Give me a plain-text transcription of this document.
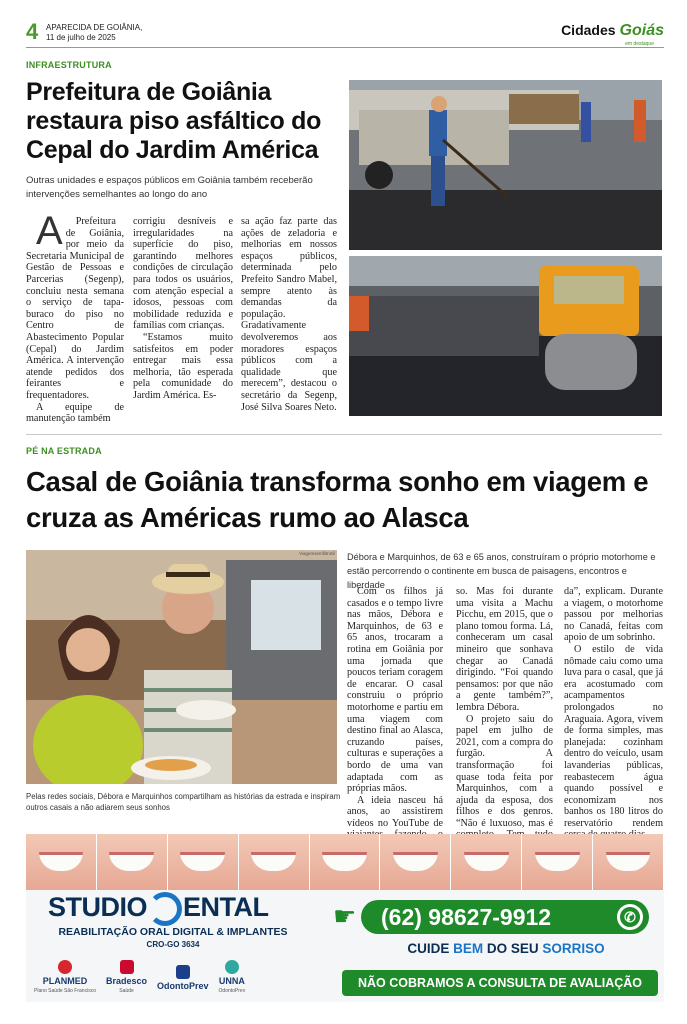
4 APARECIDA DE GOIÂNIA,
11 de julho de 2025	Cidades Goiás
em destaque
INFRAESTRUTURA
Prefeitura de Goiânia restaura piso asfáltico do Cepal do Jardim América
Outras unidades e espaços públicos em Goiânia também receberão intervenções semelhantes ao longo do ano

APrefeitura de Goiânia, por meio da Secretaria Municipal de Gestão de Pessoas e Parcerias (Segenp), concluiu nesta semana o serviço de tapa-buraco do piso no Centro de Abastecimento Popular (Cepal) do Jardim América. A intervenção atende pedidos dos feirantes e frequentadores.

A equipe de manutenção também

corrigiu desníveis e irregularidades na superfície do piso, garantindo melhores condições de circulação para todos os usuários, com atenção especial a idosos, pessoas com mobilidade reduzida e famílias com crianças.

“Estamos muito satisfeitos em poder entregar mais essa melhoria, tão esperada pela comunidade do Jardim América. Es-

sa ação faz parte das ações de zeladoria e melhorias em nossos espaços públicos, determinada pelo Prefeito Sandro Mabel, sempre atento às demandas da população. Gradativamente devolveremos aos moradores espaços públicos com a qualidade que merecem”, destacou o secretário da Segenp, José Silva Soares Neto.

PÉ NA ESTRADA
Casal de Goiânia transforma sonho em viagem e cruza as Américas rumo ao Alasca
Viagemsemfiltrotê
Pelas redes sociais, Débora e Marquinhos compartilham as histórias da estrada e inspiram outros casais a não adiarem seus sonhos
Débora e Marquinhos, de 63 e 65 anos, construíram o próprio motorhome e estão percorrendo o continente em busca de paisagens, encontros e liberdade

Com os filhos já casados e o tempo livre nas mãos, Débora e Marquinhos, de 63 e 65 anos, trocaram a rotina em Goiânia por uma jornada que poucos teriam coragem de encarar. O casal construiu o próprio motorhome e partiu em uma viagem com destino final ao Alasca, cruzando países, culturas e superações a bordo de uma van adaptada com as próprias mãos.

A ideia nasceu há anos, ao assistirem vídeos no YouTube de

so. Mas foi durante uma visita a Machu Picchu, em 2015, que o plano tomou forma. Lá, conheceram um casal mineiro que sonhava chegar ao Canadá dirigindo. “Foi quando pensamos: por que não a gente também?”, lembra Débora.

O projeto saiu do papel em julho de 2021, com a compra do furgão. A transformação foi quase toda feita por Marquinhos, com a ajuda da esposa, dos filhos e dos genros. “Não é luxuoso, mas é

da”, explicam. Durante a viagem, o motorhome passou por melhorias no Canadá, feitas com apoio de um sobrinho.

O estilo de vida nômade caiu como uma luva para o casal, que já era acostumado com acampamentos prolongados no Araguaia. Agora, vivem de forma simples, mas planejada: cozinham dentro do veículo, usam lavanderias públicas, reabastecem água quando possível e economizam nos banhos os 180 litros do reservatório rendem

STUDIO ENTAL
REABILITAÇÃO ORAL DIGITAL & IMPLANTES
CRO-GO 3634
PLANMED
Plano Saúde São Francisco
Bradesco
Saúde	OdontoPrev UNNA
OdontoPrev
☛	(62) 98627-9912	✆
CUIDE BEM DO SEU SORRISO
NÃO COBRAMOS A CONSULTA DE AVALIAÇÃO
